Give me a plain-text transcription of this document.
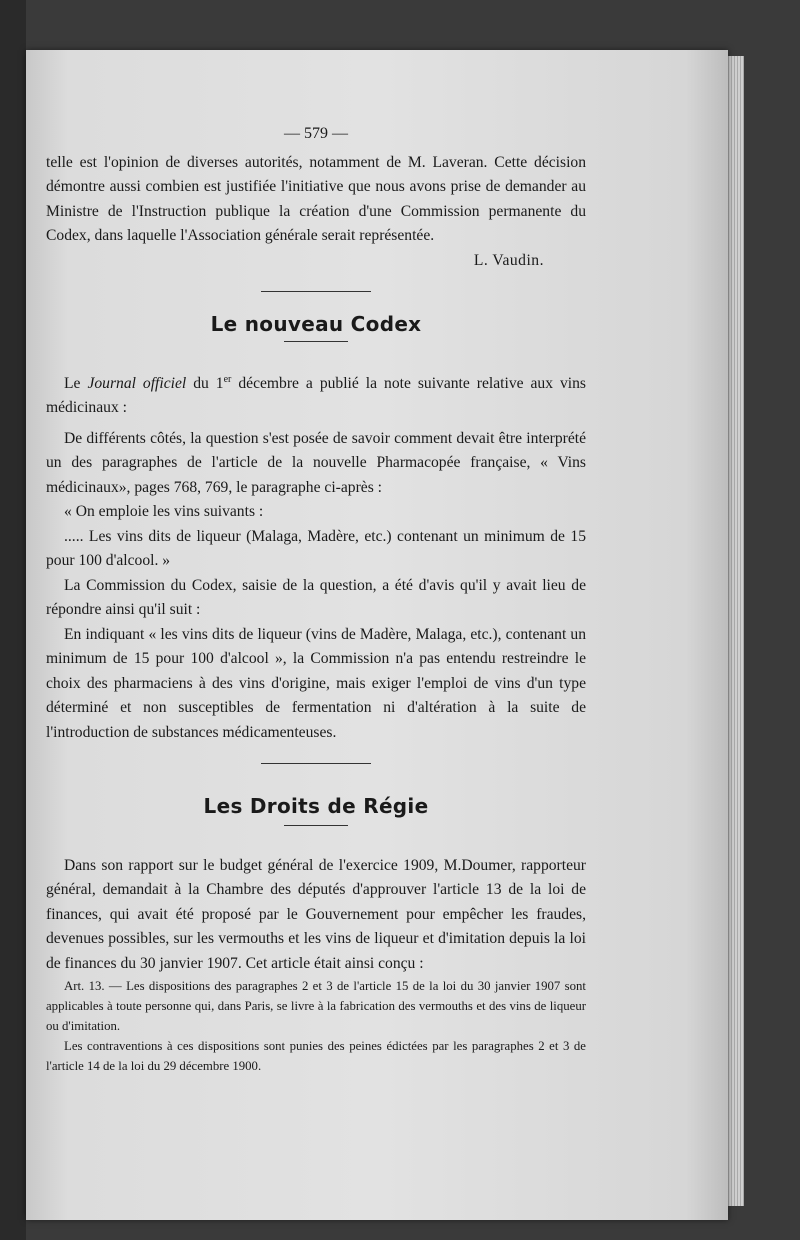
— 579 —

telle est l'opinion de diverses autorités, notamment de M. Laveran. Cette décision démontre aussi combien est justifiée l'initiative que nous avons prise de demander au Ministre de l'Instruction publique la création d'une Commission permanente du Codex, dans laquelle l'Association générale serait représentée.

L. Vaudin.
Le nouveau Codex

Le Journal officiel du 1er décembre a publié la note suivante relative aux vins médicinaux :

De différents côtés, la question s'est posée de savoir comment devait être interprété un des paragraphes de l'article de la nouvelle Pharmacopée française, « Vins médicinaux», pages 768, 769, le paragraphe ci-après :

« On emploie les vins suivants :

..... Les vins dits de liqueur (Malaga, Madère, etc.) contenant un minimum de 15 pour 100 d'alcool. »

La Commission du Codex, saisie de la question, a été d'avis qu'il y avait lieu de répondre ainsi qu'il suit :

En indiquant « les vins dits de liqueur (vins de Madère, Malaga, etc.), contenant un minimum de 15 pour 100 d'alcool », la Commission n'a pas entendu restreindre le choix des pharmaciens à des vins d'origine, mais exiger l'emploi de vins d'un type déterminé et non susceptibles de fermentation ni d'altération à la suite de l'introduction de substances médicamenteuses.

Les Droits de Régie

Dans son rapport sur le budget général de l'exercice 1909, M.Doumer, rapporteur général, demandait à la Chambre des députés d'approuver l'article 13 de la loi de finances, qui avait été proposé par le Gouvernement pour empêcher les fraudes, devenues possibles, sur les vermouths et les vins de liqueur et d'imitation depuis la loi de finances du 30 janvier 1907. Cet article était ainsi conçu :

Art. 13. — Les dispositions des paragraphes 2 et 3 de l'article 15 de la loi du 30 janvier 1907 sont applicables à toute personne qui, dans Paris, se livre à la fabrication des vermouths et des vins de liqueur ou d'imitation.

Les contraventions à ces dispositions sont punies des peines édictées par les paragraphes 2 et 3 de l'article 14 de la loi du 29 décembre 1900.
